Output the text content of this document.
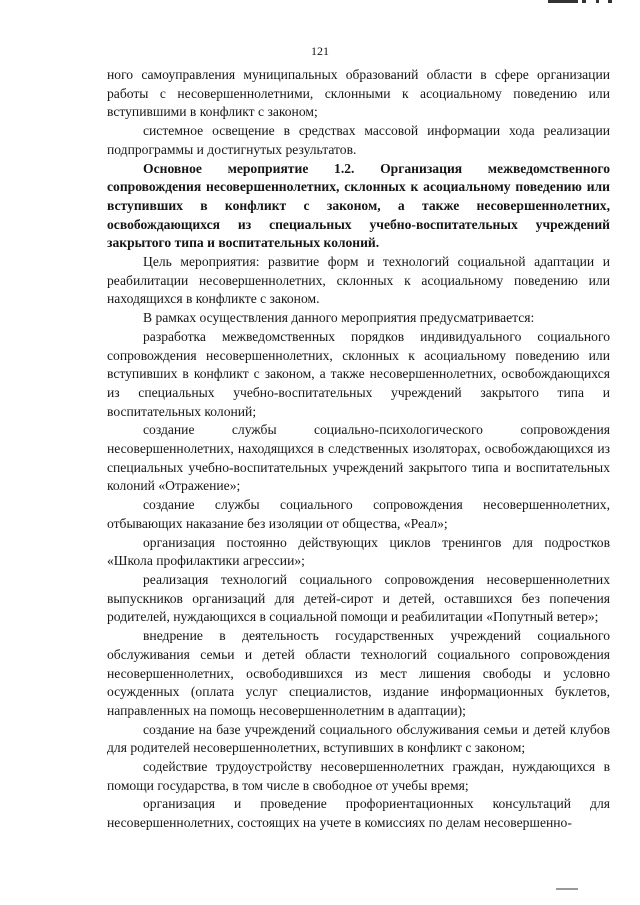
121

ного самоуправления муниципальных образований области в сфере организации работы с несовершеннолетними, склонными к асоциальному поведению или вступившими в конфликт с законом;

системное освещение в средствах массовой информации хода реализации подпрограммы и достигнутых результатов.

Основное мероприятие 1.2. Организация межведомственного сопровождения несовершеннолетних, склонных к асоциальному поведению или вступивших в конфликт с законом, а также несовершеннолетних, освобождающихся из специальных учебно-воспитательных учреждений закрытого типа и воспитательных колоний.

Цель мероприятия: развитие форм и технологий социальной адаптации и реабилитации несовершеннолетних, склонных к асоциальному поведению или находящихся в конфликте с законом.

В рамках осуществления данного мероприятия предусматривается:

разработка межведомственных порядков индивидуального социального сопровождения несовершеннолетних, склонных к асоциальному поведению или вступивших в конфликт с законом, а также несовершеннолетних, освобождающихся из специальных учебно-воспитательных учреждений закрытого типа и воспитательных колоний;

создание службы социально-психологического сопровождения несовершеннолетних, находящихся в следственных изоляторах, освобождающихся из специальных учебно-воспитательных учреждений закрытого типа и воспитательных колоний «Отражение»;

создание службы социального сопровождения несовершеннолетних, отбывающих наказание без изоляции от общества, «Реал»;

организация постоянно действующих циклов тренингов для подростков «Школа профилактики агрессии»;

реализация технологий социального сопровождения несовершеннолетних выпускников организаций для детей-сирот и детей, оставшихся без попечения родителей, нуждающихся в социальной помощи и реабилитации «Попутный ветер»;

внедрение в деятельность государственных учреждений социального обслуживания семьи и детей области технологий социального сопровождения несовершеннолетних, освободившихся из мест лишения свободы и условно осужденных (оплата услуг специалистов, издание информационных буклетов, направленных на помощь несовершеннолетним в адаптации);

создание на базе учреждений социального обслуживания семьи и детей клубов для родителей несовершеннолетних, вступивших в конфликт с законом;

содействие трудоустройству несовершеннолетних граждан, нуждающихся в помощи государства, в том числе в свободное от учебы время;

организация и проведение профориентационных консультаций для несовершеннолетних, состоящих на учете в комиссиях по делам несовершенно-
